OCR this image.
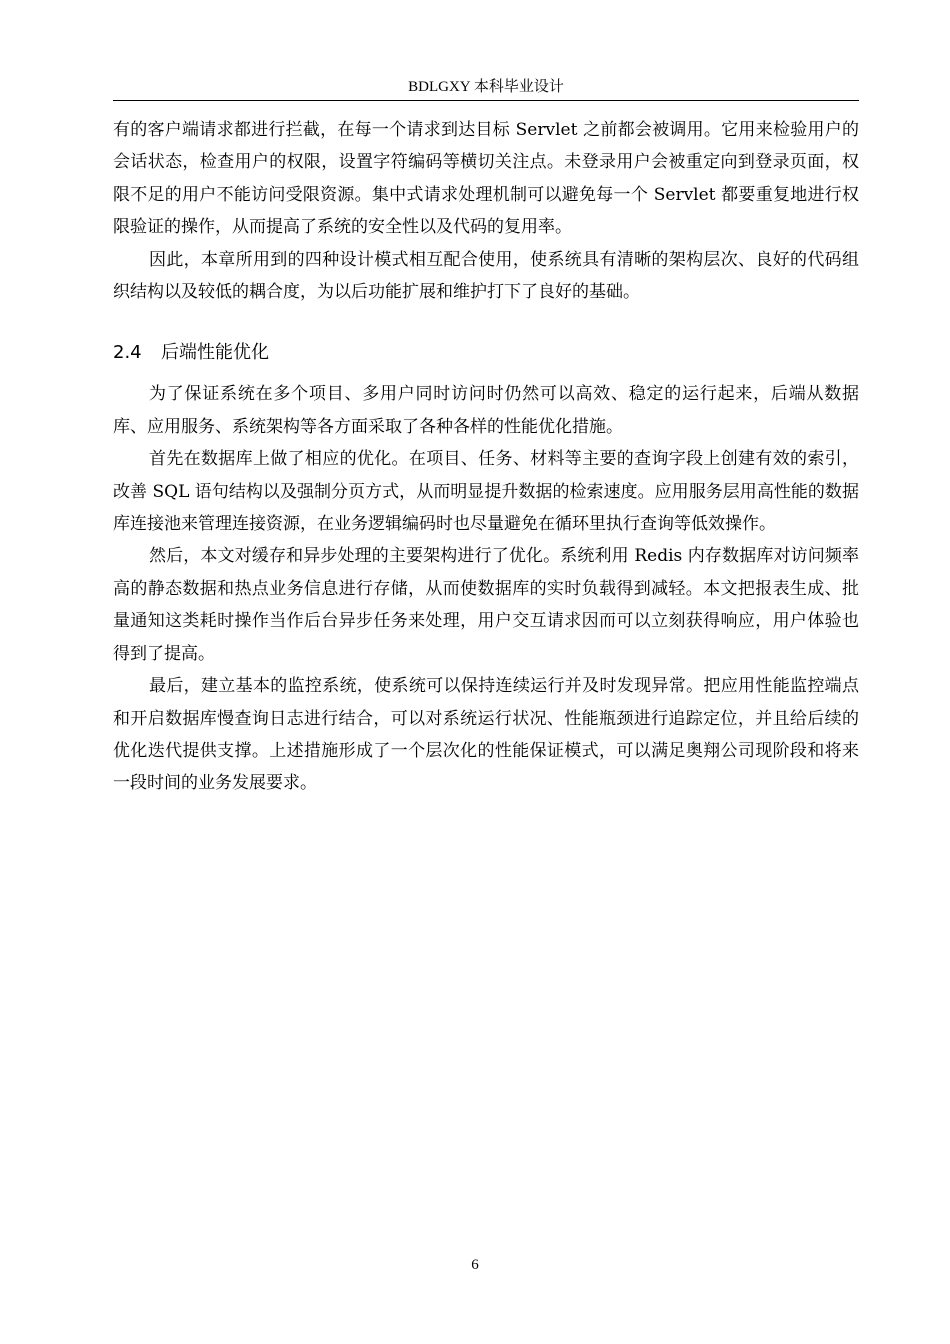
BDLGXY 本科毕业设计

有的客户端请求都进行拦截，在每一个请求到达目标 Servlet 之前都会被调用。它用来检验用户的会话状态，检查用户的权限，设置字符编码等横切关注点。未登录用户会被重定向到登录页面，权限不足的用户不能访问受限资源。集中式请求处理机制可以避免每一个 Servlet 都要重复地进行权限验证的操作，从而提高了系统的安全性以及代码的复用率。

因此，本章所用到的四种设计模式相互配合使用，使系统具有清晰的架构层次、良好的代码组织结构以及较低的耦合度，为以后功能扩展和维护打下了良好的基础。

2.4 后端性能优化

为了保证系统在多个项目、多用户同时访问时仍然可以高效、稳定的运行起来，后端从数据库、应用服务、系统架构等各方面采取了各种各样的性能优化措施。

首先在数据库上做了相应的优化。在项目、任务、材料等主要的查询字段上创建有效的索引，改善 SQL 语句结构以及强制分页方式，从而明显提升数据的检索速度。应用服务层用高性能的数据库连接池来管理连接资源，在业务逻辑编码时也尽量避免在循环里执行查询等低效操作。

然后，本文对缓存和异步处理的主要架构进行了优化。系统利用 Redis 内存数据库对访问频率高的静态数据和热点业务信息进行存储，从而使数据库的实时负载得到减轻。本文把报表生成、批量通知这类耗时操作当作后台异步任务来处理，用户交互请求因而可以立刻获得响应，用户体验也得到了提高。

最后，建立基本的监控系统，使系统可以保持连续运行并及时发现异常。把应用性能监控端点和开启数据库慢查询日志进行结合，可以对系统运行状况、性能瓶颈进行追踪定位，并且给后续的优化迭代提供支撑。上述措施形成了一个层次化的性能保证模式，可以满足奥翔公司现阶段和将来一段时间的业务发展要求。

6
